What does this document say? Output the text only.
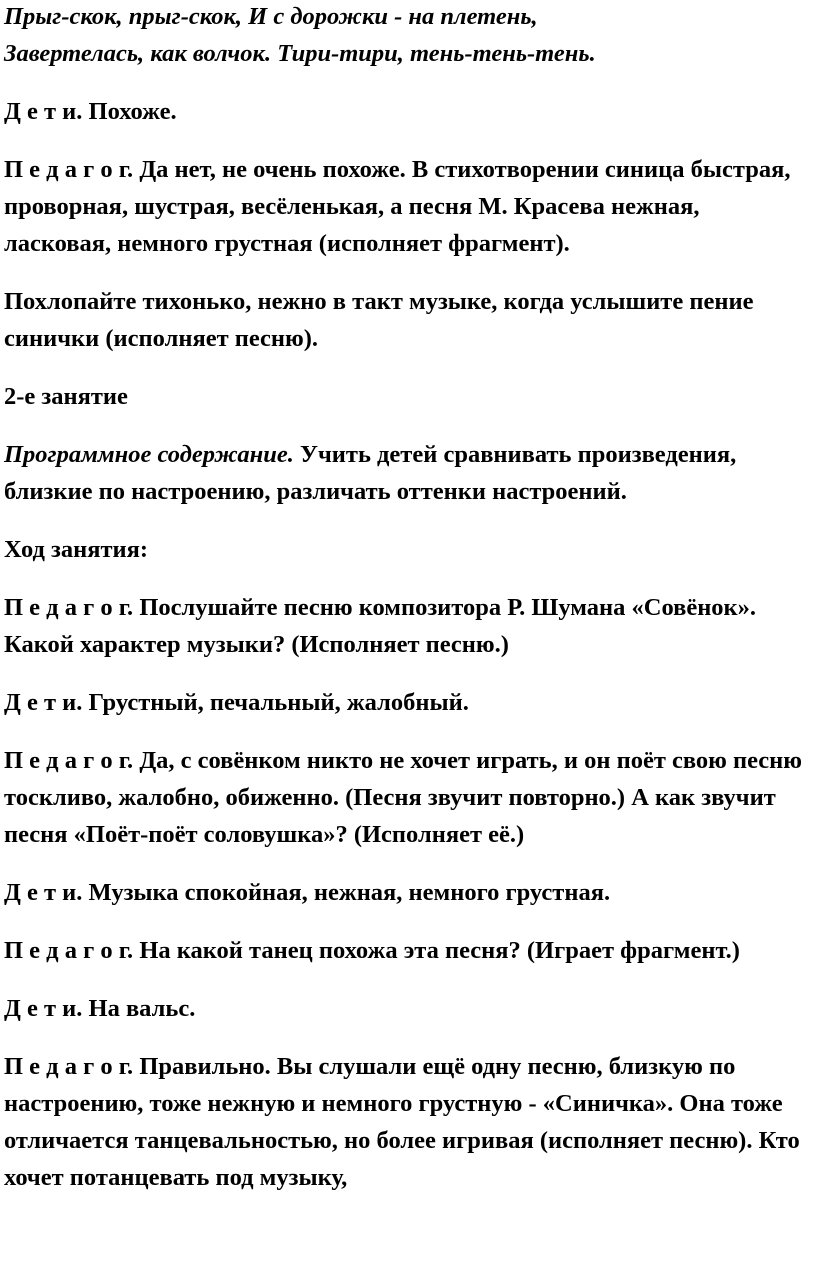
Прыг-скок, прыг-скок, И с дорожки - на плетень,
Завертелась, как волчок. Тири-тири, тень-тень-тень.

Д е т и. Похоже.

П е д а г о г. Да нет, не очень похоже. В стихотворении синица быстрая, проворная, шустрая, весёленькая, а песня М. Красева нежная, ласковая, немного грустная (исполняет фрагмент).

Похлопайте тихонько, нежно в такт музыке, когда услышите пение синички (исполняет песню).

2-е занятие

Программное содержание. Учить детей сравнивать произведения, близкие по настроению, различать оттенки настроений.

Ход занятия:

П е д а г о г. Послушайте песню композитора Р. Шумана «Совёнок». Какой характер музыки? (Исполняет песню.)

Д е т и. Грустный, печальный, жалобный.

П е д а г о г. Да, с совёнком никто не хочет играть, и он поёт свою песню тоскливо, жалобно, обиженно. (Песня звучит повторно.) А как звучит песня «Поёт-поёт соловушка»? (Исполняет её.)

Д е т и. Музыка спокойная, нежная, немного грустная.

П е д а г о г. На какой танец похожа эта песня? (Играет фрагмент.)

Д е т и. На вальс.

П е д а г о г. Правильно. Вы слушали ещё одну песню, близкую по настроению, тоже нежную и немного грустную - «Синичка». Она тоже отличается танцевальностью, но более игривая (исполняет песню). Кто хочет потанцевать под музыку,
